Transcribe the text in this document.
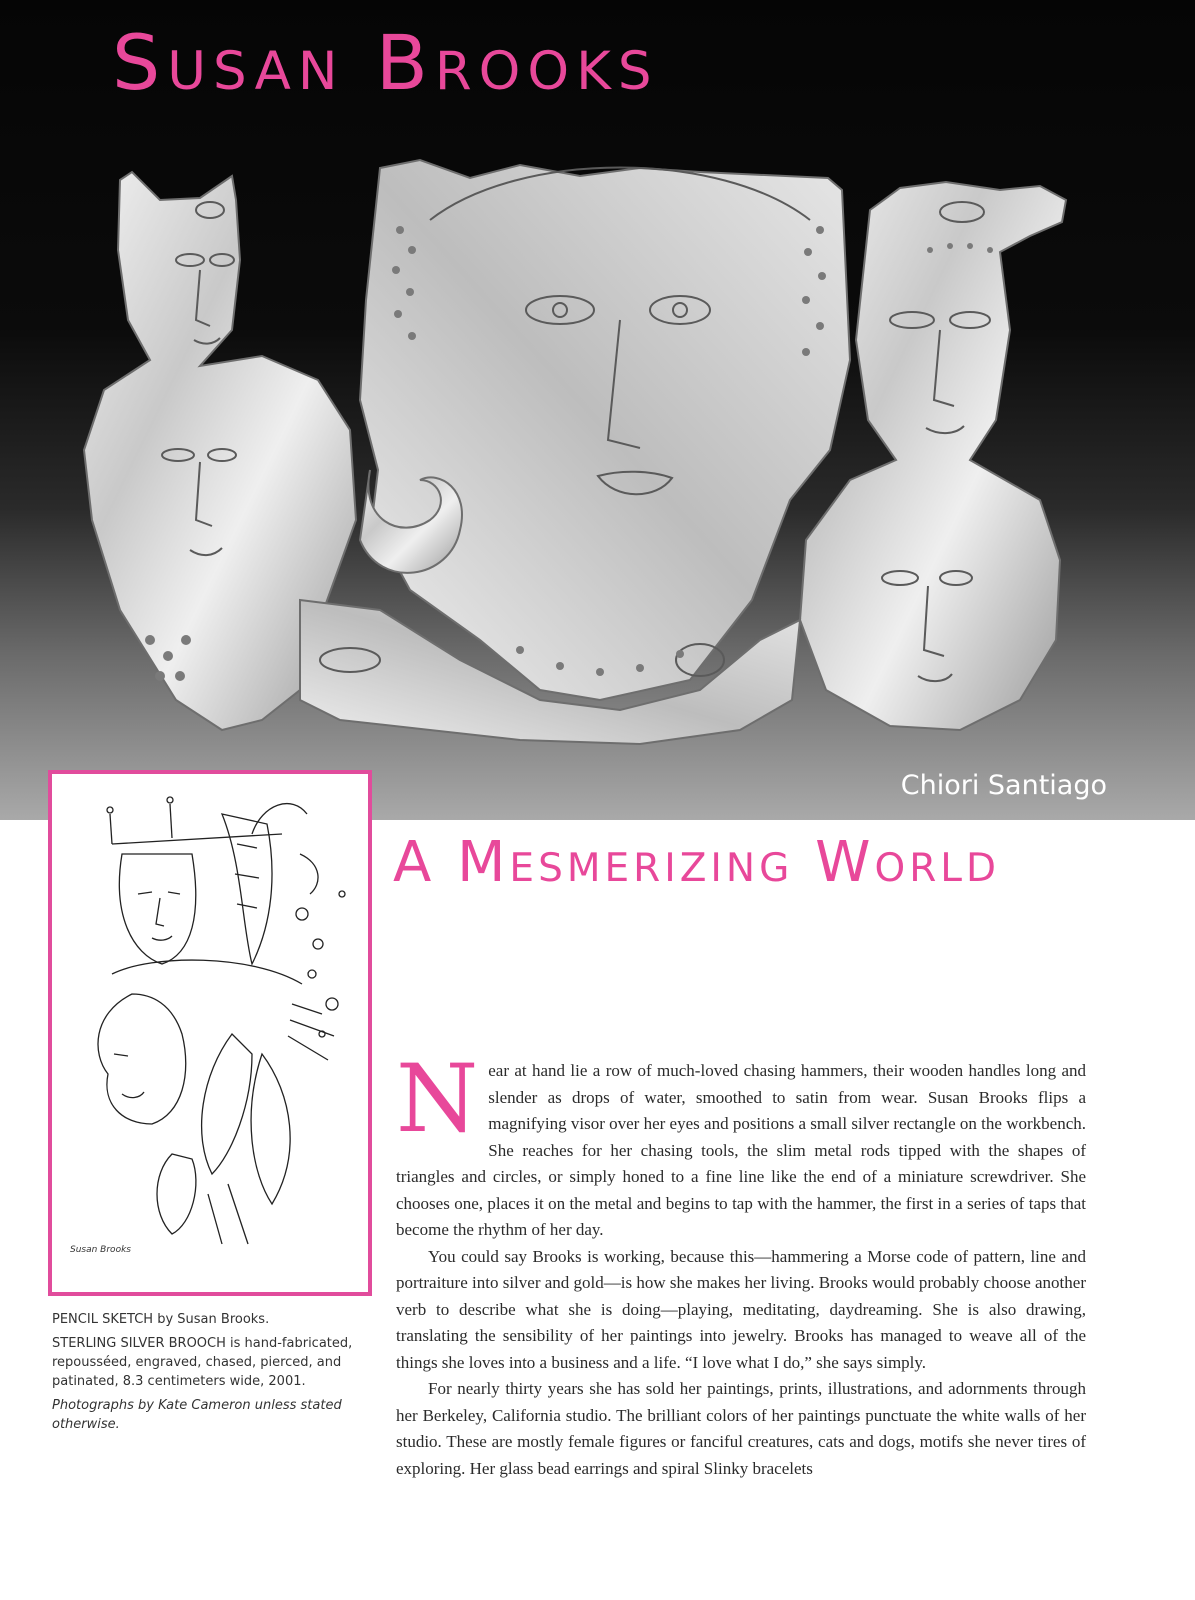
Susan Brooks
Chiori Santiago
Susan Brooks

PENCIL SKETCH by Susan Brooks.

STERLING SILVER BROOCH is hand-fabricated, repousséed, engraved, chased, pierced, and patinated, 8.3 centimeters wide, 2001.

Photographs by Kate Cameron unless stated otherwise.

A Mesmerizing World

Near at hand lie a row of much-loved chasing hammers, their wooden handles long and slender as drops of water, smoothed to satin from wear. Susan Brooks flips a magnifying visor over her eyes and positions a small silver rectangle on the workbench. She reaches for her chasing tools, the slim metal rods tipped with the shapes of triangles and circles, or simply honed to a fine line like the end of a miniature screwdriver. She chooses one, places it on the metal and begins to tap with the hammer, the first in a series of taps that become the rhythm of her day.

You could say Brooks is working, because this—hammering a Morse code of pattern, line and portraiture into silver and gold—is how she makes her living. Brooks would probably choose another verb to describe what she is doing—playing, meditating, daydreaming. She is also drawing, translating the sensibility of her paintings into jewelry. Brooks has managed to weave all of the things she loves into a business and a life. “I love what I do,” she says simply.

For nearly thirty years she has sold her paintings, prints, illustrations, and adornments through her Berkeley, California studio. The brilliant colors of her paintings punctuate the white walls of her studio. These are mostly female figures or fanciful creatures, cats and dogs, motifs she never tires of exploring. Her glass bead earrings and spiral Slinky bracelets
